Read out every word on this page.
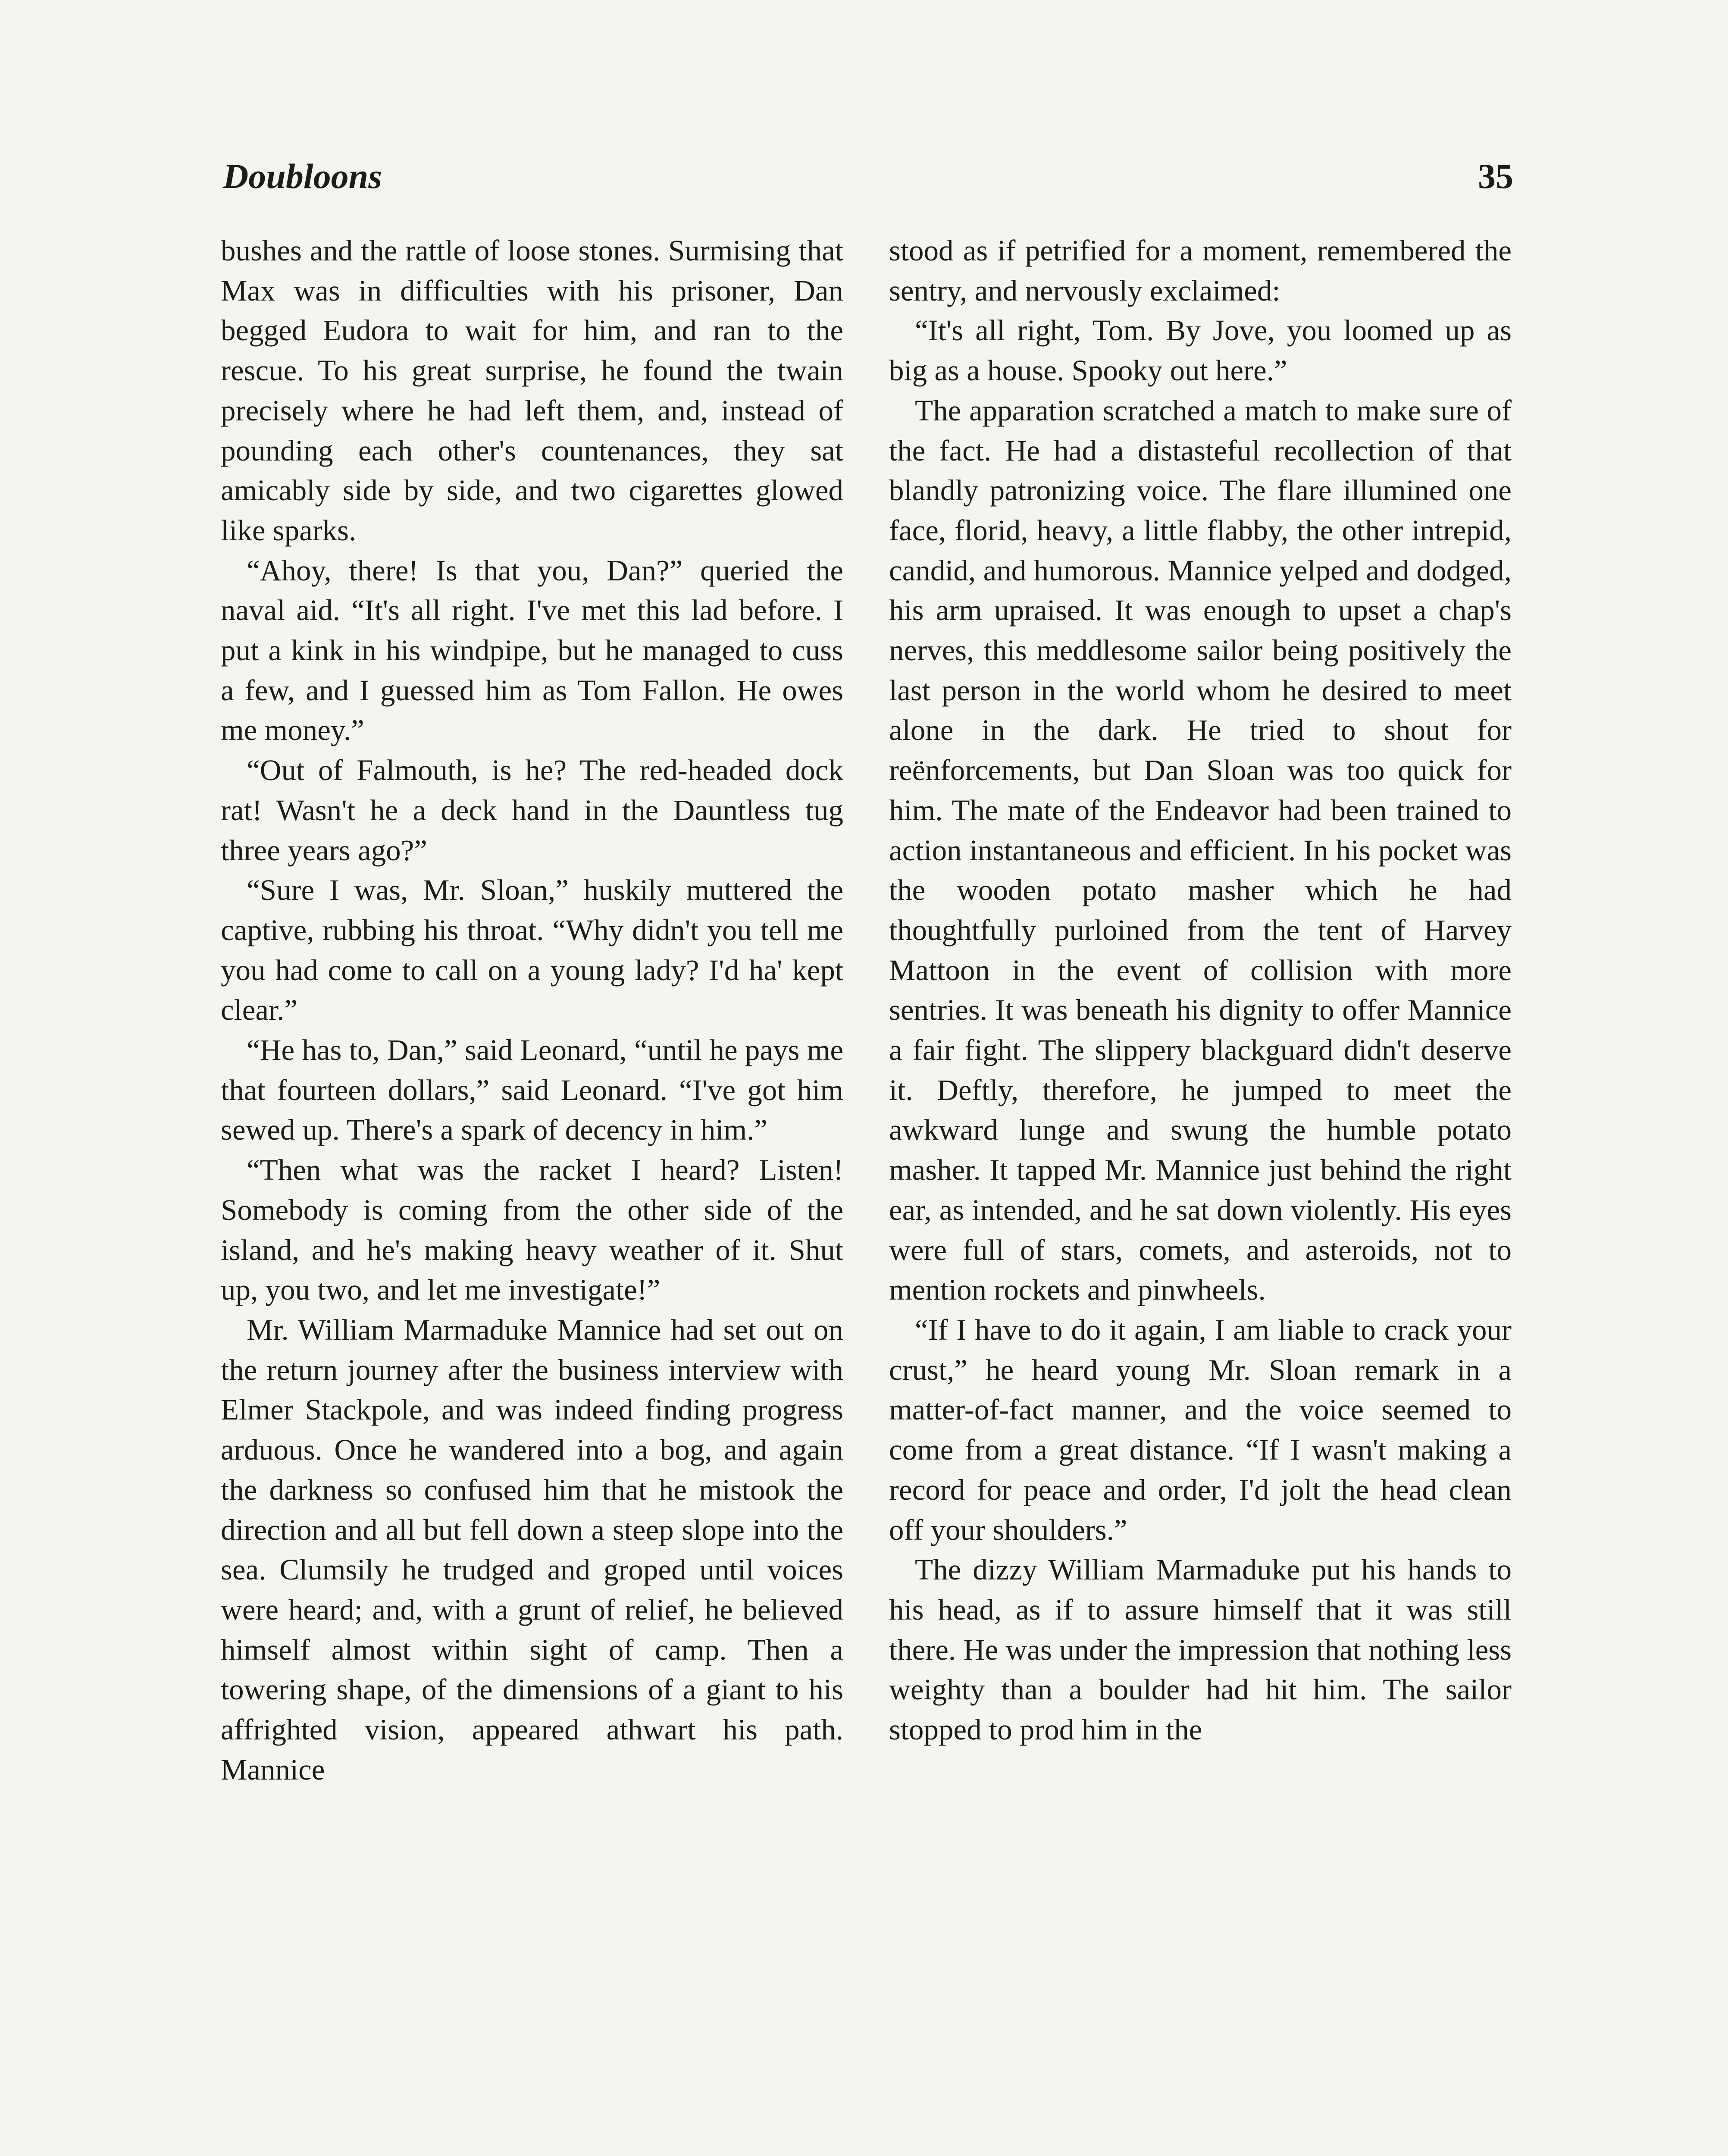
Doubloons	35

bushes and the rattle of loose stones. Surmising that Max was in difficulties with his prisoner, Dan begged Eudora to wait for him, and ran to the rescue. To his great surprise, he found the twain precisely where he had left them, and, instead of pounding each other's countenances, they sat amicably side by side, and two cigarettes glowed like sparks.

“Ahoy, there! Is that you, Dan?” queried the naval aid. “It's all right. I've met this lad before. I put a kink in his windpipe, but he managed to cuss a few, and I guessed him as Tom Fallon. He owes me money.”

“Out of Falmouth, is he? The red-headed dock rat! Wasn't he a deck hand in the Dauntless tug three years ago?”

“Sure I was, Mr. Sloan,” huskily muttered the captive, rubbing his throat. “Why didn't you tell me you had come to call on a young lady? I'd ha' kept clear.”

“He has to, Dan,” said Leonard, “until he pays me that fourteen dollars,” said Leonard. “I've got him sewed up. There's a spark of decency in him.”

“Then what was the racket I heard? Listen! Somebody is coming from the other side of the island, and he's making heavy weather of it. Shut up, you two, and let me investigate!”

Mr. William Marmaduke Mannice had set out on the return journey after the business interview with Elmer Stackpole, and was indeed finding progress arduous. Once he wandered into a bog, and again the darkness so confused him that he mistook the direction and all but fell down a steep slope into the sea. Clumsily he trudged and groped until voices were heard; and, with a grunt of relief, he believed himself almost within sight of camp. Then a towering shape, of the dimensions of a giant to his affrighted vision, appeared athwart his path. Mannice

stood as if petrified for a moment, remembered the sentry, and nervously exclaimed:

“It's all right, Tom. By Jove, you loomed up as big as a house. Spooky out here.”

The apparation scratched a match to make sure of the fact. He had a distasteful recollection of that blandly patronizing voice. The flare illumined one face, florid, heavy, a little flabby, the other intrepid, candid, and humorous. Mannice yelped and dodged, his arm upraised. It was enough to upset a chap's nerves, this meddlesome sailor being positively the last person in the world whom he desired to meet alone in the dark. He tried to shout for reënforcements, but Dan Sloan was too quick for him. The mate of the Endeavor had been trained to action instantaneous and efficient. In his pocket was the wooden potato masher which he had thoughtfully purloined from the tent of Harvey Mattoon in the event of collision with more sentries. It was beneath his dignity to offer Mannice a fair fight. The slippery blackguard didn't deserve it. Deftly, therefore, he jumped to meet the awkward lunge and swung the humble potato masher. It tapped Mr. Mannice just behind the right ear, as intended, and he sat down violently. His eyes were full of stars, comets, and asteroids, not to mention rockets and pinwheels.

“If I have to do it again, I am liable to crack your crust,” he heard young Mr. Sloan remark in a matter-of-fact manner, and the voice seemed to come from a great distance. “If I wasn't making a record for peace and order, I'd jolt the head clean off your shoulders.”

The dizzy William Marmaduke put his hands to his head, as if to assure himself that it was still there. He was under the impression that nothing less weighty than a boulder had hit him. The sailor stopped to prod him in the
